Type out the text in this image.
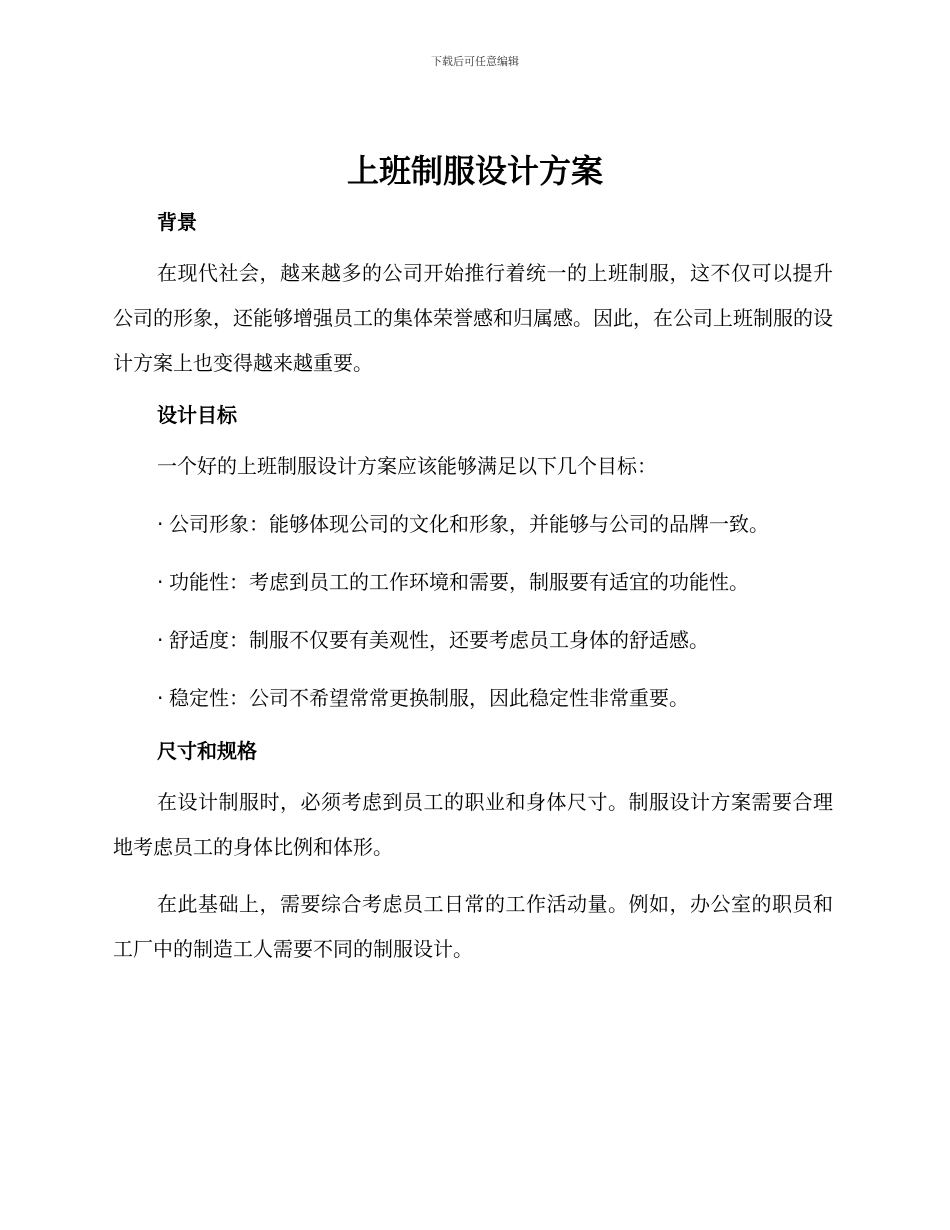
下载后可任意编辑
上班制服设计方案
背景

在现代社会，越来越多的公司开始推行着统一的上班制服，这不仅可以提升公司的形象，还能够增强员工的集体荣誉感和归属感。因此，在公司上班制服的设计方案上也变得越来越重要。

设计目标

一个好的上班制服设计方案应该能够满足以下几个目标：

· 公司形象：能够体现公司的文化和形象，并能够与公司的品牌一致。
· 功能性：考虑到员工的工作环境和需要，制服要有适宜的功能性。
· 舒适度：制服不仅要有美观性，还要考虑员工身体的舒适感。
· 稳定性：公司不希望常常更换制服，因此稳定性非常重要。
尺寸和规格

在设计制服时，必须考虑到员工的职业和身体尺寸。制服设计方案需要合理地考虑员工的身体比例和体形。

在此基础上，需要综合考虑员工日常的工作活动量。例如，办公室的职员和工厂中的制造工人需要不同的制服设计。
